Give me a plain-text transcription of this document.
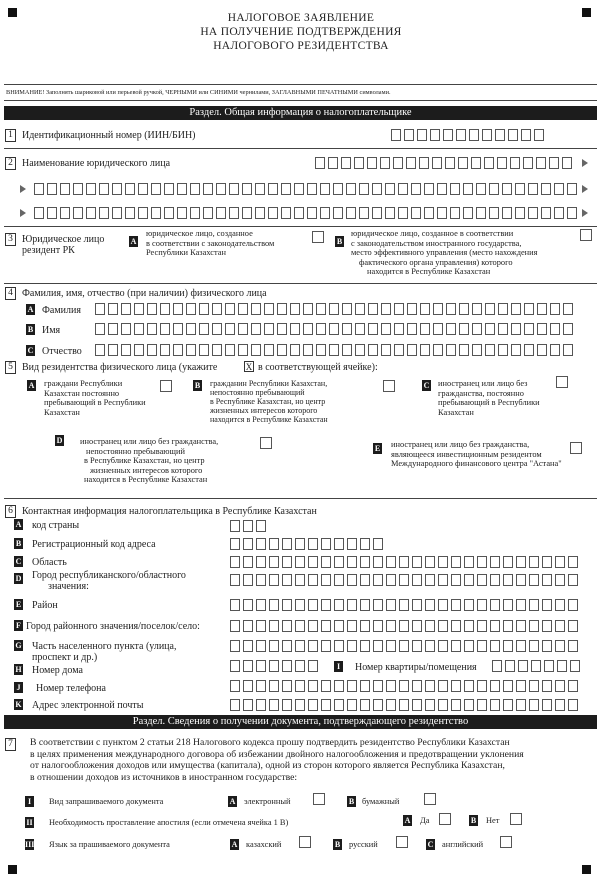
НАЛОГОВОЕ ЗАЯВЛЕНИЕ
НА ПОЛУЧЕНИЕ ПОДТВЕРЖДЕНИЯ
НАЛОГОВОГО РЕЗИДЕНТСТВА
ВНИМАНИЕ! Заполнять шариковой или перьевой ручкой, ЧЕРНЫМИ или СИНИМИ чернилами, ЗАГЛАВНЫМИ ПЕЧАТНЫМИ символами.
Раздел. Общая информация о налогоплательщике
1 Идентификационный номер (ИИН/БИН)
2 Наименование юридического лица
3 Юридическое лицо
резидент РК
A
юридическое лицо, созданное
в соответствии с законодательством
Республики Казахстан
B
юридическое лицо, созданное в соответствии
с законодательством иностранного государства,
место эффективного управления (место нахождения
фактического органа управления) которого
находится в Республике Казахстан
4 Фамилия, имя, отчество (при наличии) физического лица
A Фамилия
B Имя
C Отчество
5 Вид резидентства физического лица (укажите	X в соответствующей ячейке):
A граждани Республики
Казахстан постоянно
пребывающий в Республики
Казахстан
B гражданин Республики Казахстан,
непостоянно пребывающий
в Республике Казахстан, но центр
жизненных интересов которого
находится в Республике Казахстан
C иностранец или лицо без
гражданства, постоянно
пребывающий в Республики
Казахстан
D иностранец или лицо без гражданства,
непостоянно пребывающий
в Республике Казахстан, но центр
жизненных интересов которого
находится в Республике Казахстан
E иностранец или лицо без гражданства,
являющееся инвестиционным резидентом
Международного финансового центра "Астана"
6 Контактная информация налогоплательщика в Республике Казахстан
A код страны
B Регистрационный код адреса
C Область
D Город республиканского/областного
значения:
E Район
F Город районного значения/поселок/село:
G Часть населенного пункта (улица,
проспект и др.)
H Номер дома	I Номер квартиры/помещения
J Номер телефона
K Адрес электронной почты
Раздел. Сведения о получении документа, подтверждающего резидентство
7	В соответствии с пунктом 2 статьи 218 Налогового кодекса прошу подтвердить резидентство Республики Казахстан
в целях применения международного договора об избежании двойного налогообложения и предотвращении уклонения
от налогообложения доходов или имущества (капитала), одной из сторон которого является Республика Казахстан,
в отношении доходов из источников в иностранном государстве:
I	Вид запрашиваемого документа	A электронный	B бумажный
II Необходимость проставление апостиля (если отмечена ячейка 1 B)	A Да	B Нет
III Язык за прашиваемого документа	A казахский	B русский	C английский
